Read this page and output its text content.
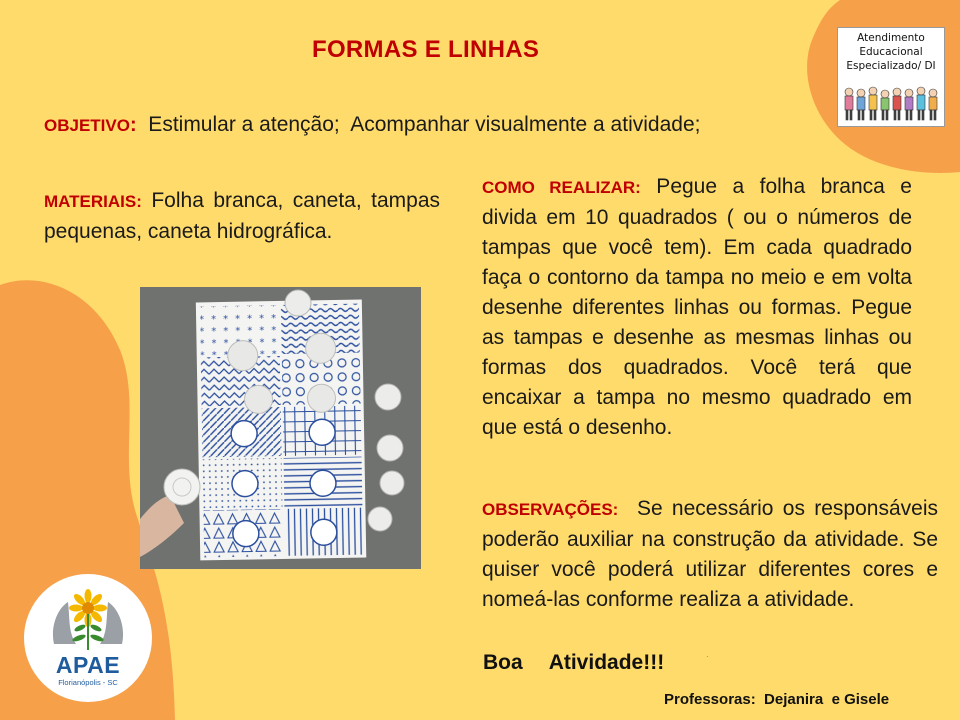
FORMAS E LINHAS
OBJETIVO:  Estimular a atenção;  Acompanhar visualmente a atividade;
MATERIAIS: Folha branca, caneta, tampas pequenas, caneta hidrográfica.
COMO REALIZAR: Pegue a folha branca e divida em 10 quadrados ( ou o números de tampas que você tem). Em cada quadrado faça o contorno da tampa no meio e em volta desenhe diferentes linhas ou formas. Pegue as tampas e desenhe as mesmas linhas ou formas dos quadrados. Você terá que encaixar a tampa no mesmo quadrado em que está o desenho.
OBSERVAÇÕES:  Se necessário os responsáveis poderão auxiliar na construção da atividade. Se quiser você poderá utilizar diferentes cores e nomeá-las conforme realiza a atividade.
Boa Atividade!!!	·
Professoras:  Dejanira  e Gisele
Atendimento
Educacional
Especializado/ DI
APAE
Florianópolis - SC
